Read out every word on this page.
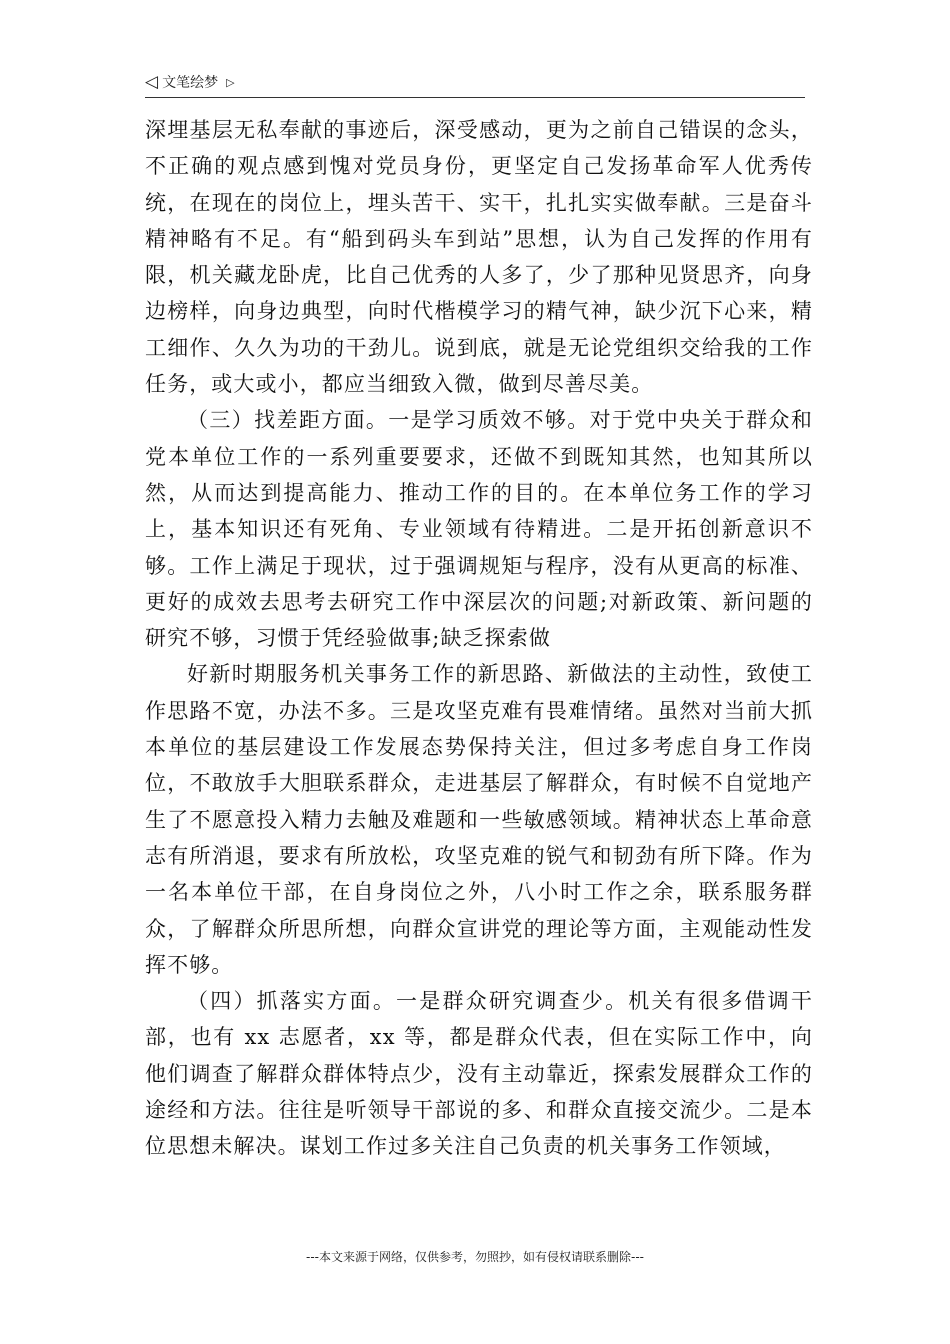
◁ 文笔绘梦 ▷

深埋基层无私奉献的事迹后，深受感动，更为之前自己错误的念头，不正确的观点感到愧对党员身份，更坚定自己发扬革命军人优秀传统，在现在的岗位上，埋头苦干、实干，扎扎实实做奉献。三是奋斗精神略有不足。有“船到码头车到站”思想，认为自己发挥的作用有限，机关藏龙卧虎，比自己优秀的人多了，少了那种见贤思齐，向身边榜样，向身边典型，向时代楷模学习的精气神，缺少沉下心来，精工细作、久久为功的干劲儿。说到底，就是无论党组织交给我的工作任务，或大或小，都应当细致入微，做到尽善尽美。

（三）找差距方面。一是学习质效不够。对于党中央关于群众和党本单位工作的一系列重要要求，还做不到既知其然，也知其所以然，从而达到提高能力、推动工作的目的。在本单位务工作的学习上，基本知识还有死角、专业领域有待精进。二是开拓创新意识不够。工作上满足于现状，过于强调规矩与程序，没有从更高的标准、更好的成效去思考去研究工作中深层次的问题;对新政策、新问题的研究不够，习惯于凭经验做事;缺乏探索做

好新时期服务机关事务工作的新思路、新做法的主动性，致使工作思路不宽，办法不多。三是攻坚克难有畏难情绪。虽然对当前大抓本单位的基层建设工作发展态势保持关注，但过多考虑自身工作岗位，不敢放手大胆联系群众，走进基层了解群众，有时候不自觉地产生了不愿意投入精力去触及难题和一些敏感领域。精神状态上革命意志有所消退，要求有所放松，攻坚克难的锐气和韧劲有所下降。作为一名本单位干部，在自身岗位之外，八小时工作之余，联系服务群众，了解群众所思所想，向群众宣讲党的理论等方面，主观能动性发挥不够。

（四）抓落实方面。一是群众研究调查少。机关有很多借调干部，也有 xx 志愿者，xx 等，都是群众代表，但在实际工作中，向他们调查了解群众群体特点少，没有主动靠近，探索发展群众工作的途经和方法。往往是听领导干部说的多、和群众直接交流少。二是本位思想未解决。谋划工作过多关注自己负责的机关事务工作领域，

---本文来源于网络，仅供参考，勿照抄，如有侵权请联系删除---
